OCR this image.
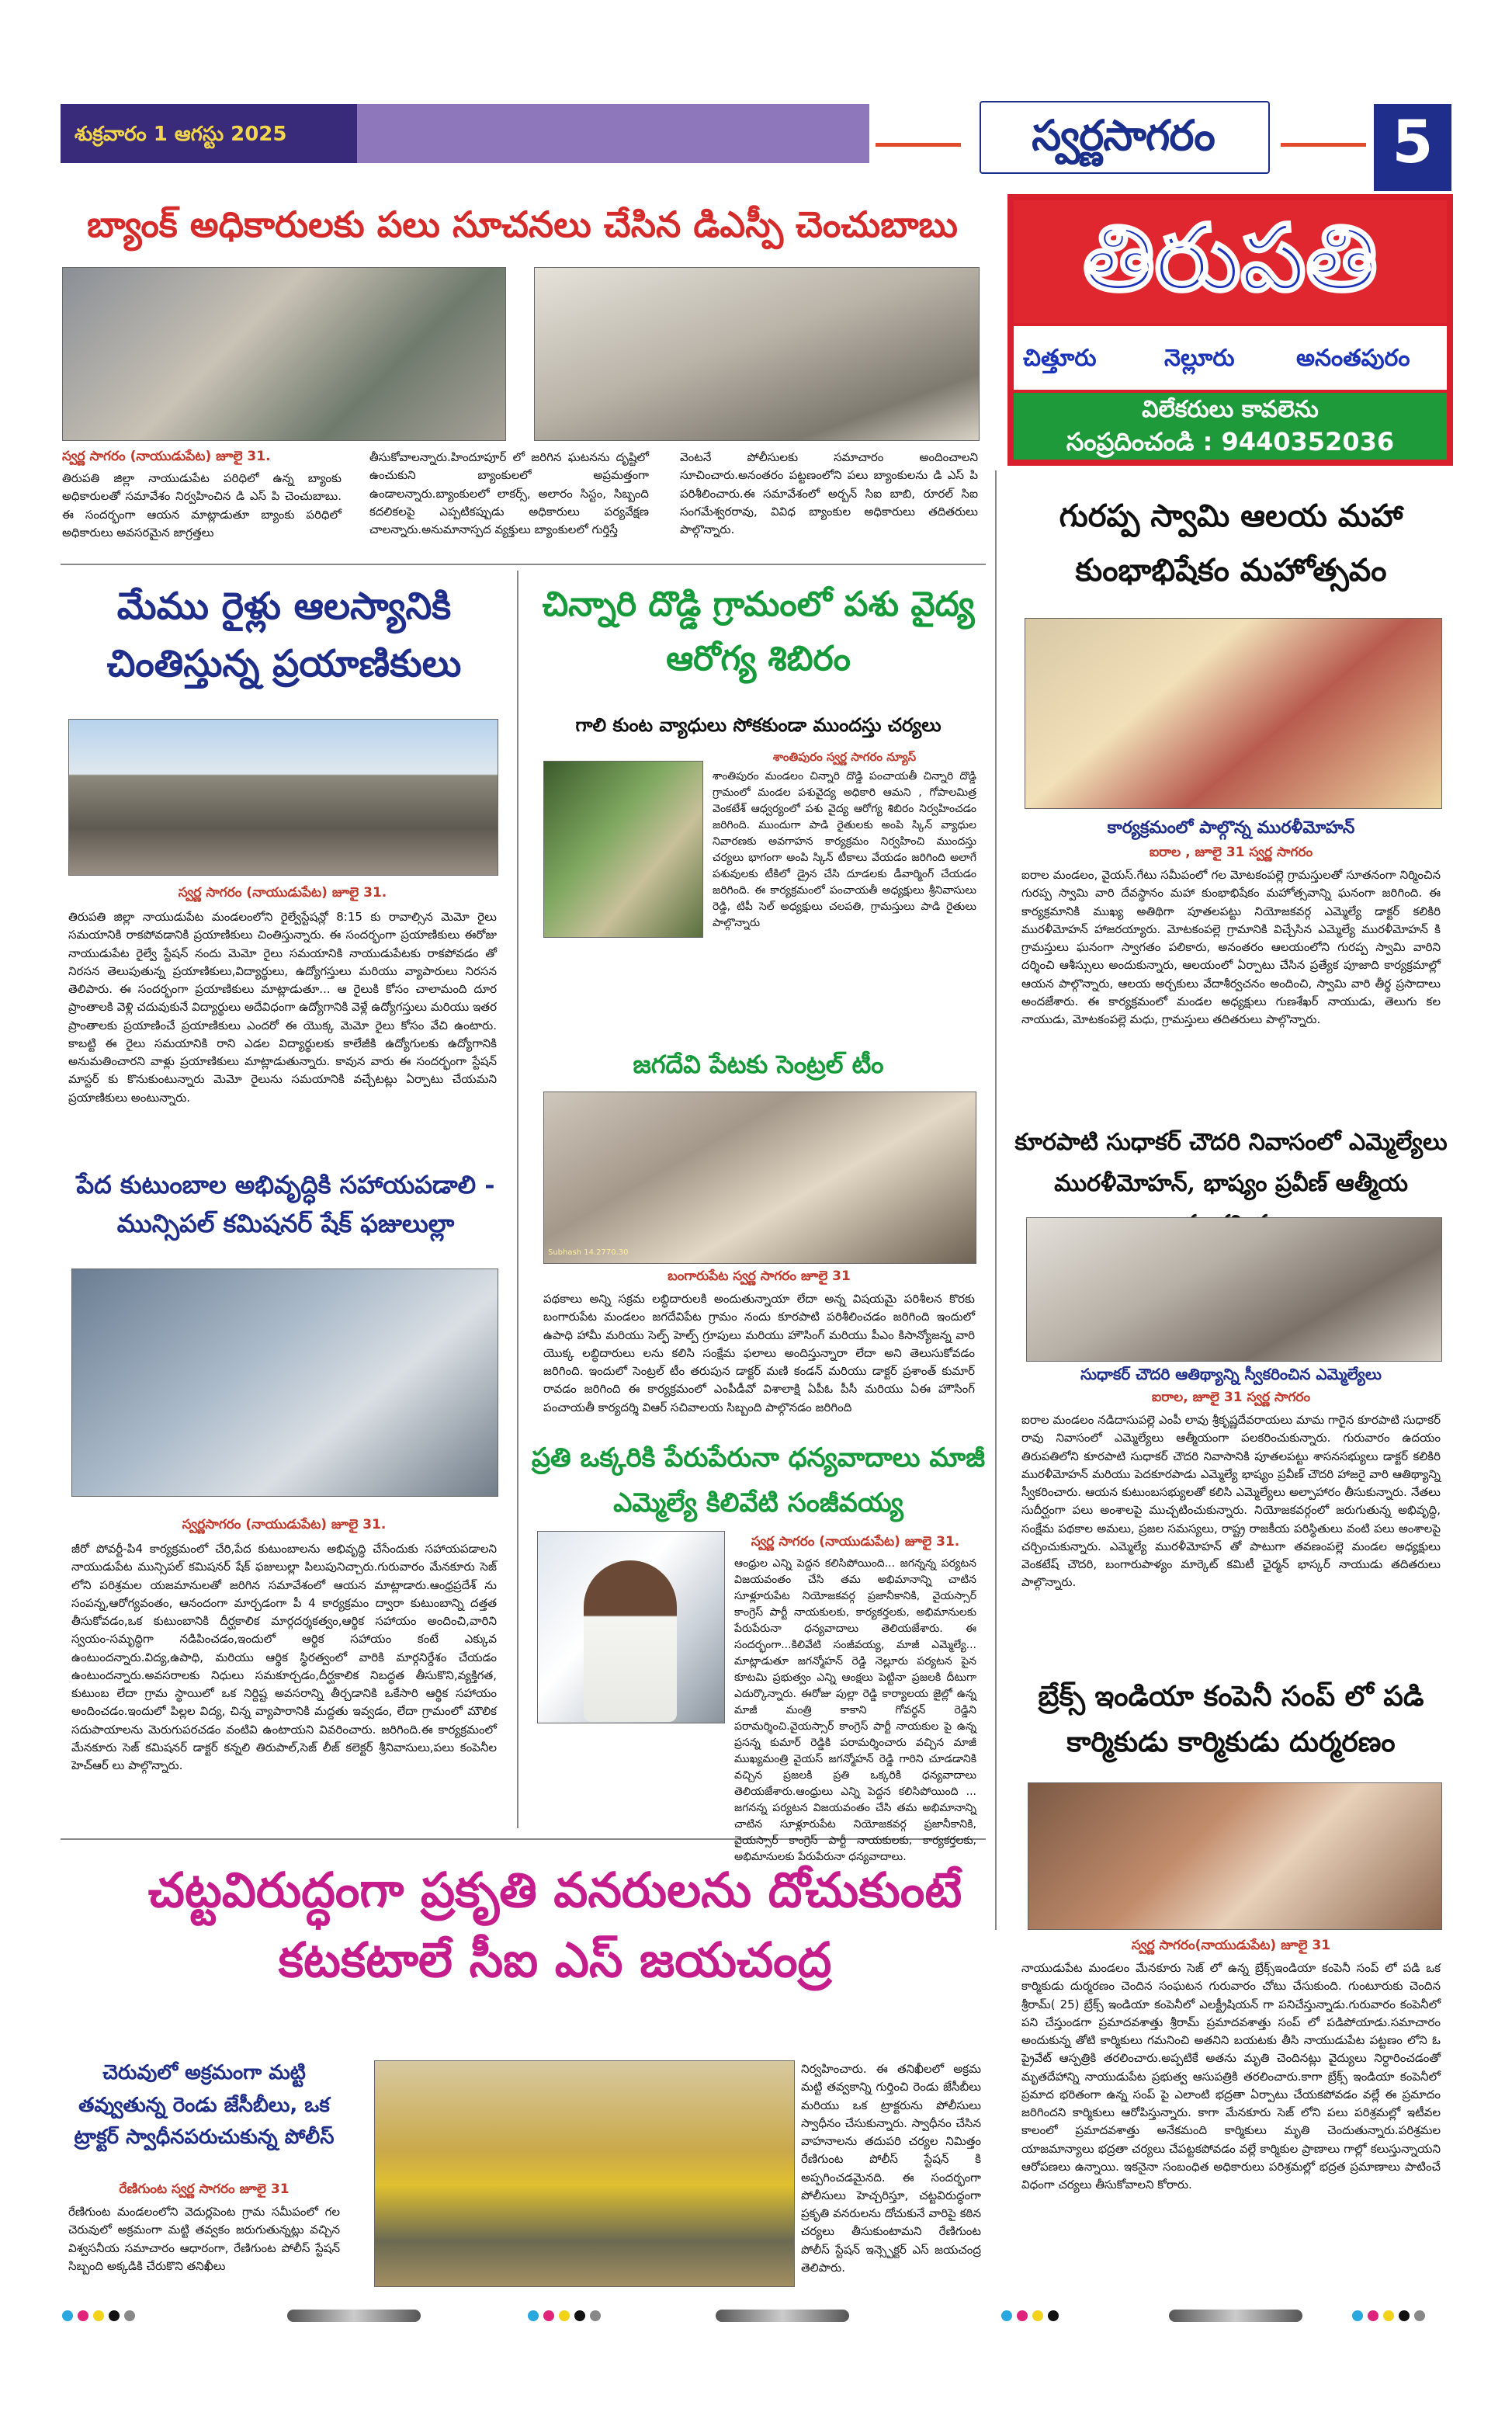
శుక్రవారం 1 ఆగస్టు 2025	స్వర్ణసాగరం	5
బ్యాంక్ అధికారులకు పలు సూచనలు చేసిన డిఎస్పీ చెంచుబాబు
స్వర్ణ సాగరం (నాయుడుపేట) జూలై 31.
తిరుపతి జిల్లా నాయుడుపేట పరిధిలో ఉన్న బ్యాంకు అధికారులతో సమావేశం నిర్వహించిన డి ఎస్ పి చెంచుబాబు. ఈ సందర్భంగా ఆయన మాట్లాడుతూ బ్యాంకు పరిధిలో అధికారులు అవసరమైన జాగ్రత్తలు
తీసుకోవాలన్నారు.హిందూపూర్ లో జరిగిన ఘటనను దృష్టిలో ఉంచుకుని బ్యాంకులలో అప్రమత్తంగా ఉండాలన్నారు.బ్యాంకులలో లాకర్స్, అలారం సిస్టం, సిబ్బంది కదలికలపై ఎప్పటికప్పుడు అధికారులు పర్యవేక్షణ చాలన్నారు.అనుమానాస్పద వ్యక్తులు బ్యాంకులలో గుర్తిస్తే
వెంటనే పోలీసులకు సమాచారం అందించాలని సూచించారు.అనంతరం పట్టణంలోని పలు బ్యాంకులను డి ఎస్ పి పరిశీలించారు.ఈ సమావేశంలో అర్బన్ సిఐ బాబి, రూరల్ సిఐ సంగమేశ్వరరావు, వివిధ బ్యాంకుల అధికారులు తదితరులు పాల్గొన్నారు.
తిరుపతి
చిత్తూరు	నెల్లూరు	అనంతపురం
విలేకరులు కావలెను
సంప్రదించండి : 9440352036
మేము రైళ్లు ఆలస్యానికి చింతిస్తున్న ప్రయాణికులు
స్వర్ణ సాగరం (నాయుడుపేట) జూలై 31.
తిరుపతి జిల్లా నాయుడుపేట మండలంలోని రైల్వేస్టేషన్లో 8:15 కు రావాల్సిన మెమో రైలు సమయానికి రాకపోవడానికి ప్రయాణికులు చింతిస్తున్నారు. ఈ సందర్భంగా ప్రయాణికులు ఈరోజు నాయుడుపేట రైల్వే స్టేషన్ నందు మెమో రైలు సమయానికి నాయుడుపేటకు రాకపోవడం తో నిరసన తెలుపుతున్న ప్రయాణికులు,విద్యార్థులు, ఉద్యోగస్తులు మరియు వ్యాపారులు నిరసన తెలిపారు. ఈ సందర్భంగా ప్రయాణికులు మాట్లాడుతూ... ఆ రైలుకి కోసం చాలామంది దూర ప్రాంతాలకి వెళ్లి చదువుకునే విద్యార్థులు అదేవిధంగా ఉద్యోగానికి వెళ్లే ఉద్యోగస్తులు మరియు ఇతర ప్రాంతాలకు ప్రయాణించే ప్రయాణికులు ఎందరో ఈ యొక్క మెమో రైలు కోసం వేచి ఉంటారు. కాబట్టి ఈ రైలు సమయానికి రాని ఎడల విద్యార్థులకు కాలేజీకి ఉద్యోగులకు ఉద్యోగానికి అనుమతించారని వాళ్లు ప్రయాణికులు మాట్లాడుతున్నారు. కావున వారు ఈ సందర్భంగా స్టేషన్ మాస్టర్ కు కొనుకుంటున్నారు మెమో రైలును సమయానికి వచ్చేటట్లు ఏర్పాటు చేయమని ప్రయాణికులు అంటున్నారు.
పేద కుటుంబాల అభివృద్ధికి సహాయపడాలి - మున్సిపల్ కమిషనర్ షేక్ ఫజులుల్లా
స్వర్ణసాగరం (నాయుడుపేట) జూలై 31.
జీరో పోవర్టీ-పి4 కార్యక్రమంలో చేరి,పేద కుటుంబాలను అభివృద్ధి చేసేందుకు సహాయపడాలని నాయుడుపేట మున్సిపల్ కమిషనర్ షేక్ ఫజులుల్లా పిలుపునిచ్చారు.గురువారం మేనకూరు సెజ్ లోని పరిశ్రమల యజమానులతో జరిగిన సమావేశంలో ఆయన మాట్లాడారు.ఆంధ్రప్రదేశ్ ను సంపన్న,ఆరోగ్యవంతం, ఆనందంగా మార్చడంగా పీ 4 కార్యక్రమం ద్వారా కుటుంబాన్ని దత్తత తీసుకోవడం,ఒక కుటుంబానికి దీర్ఘకాలిక మార్గదర్శకత్వం,ఆర్థిక సహాయం అందించి,వారిని స్వయం-సమృద్ధిగా నడిపించడం,ఇందులో ఆర్థిక సహాయం కంటే ఎక్కువ ఉంటుందన్నారు.విద్య,ఉపాధి, మరియు ఆర్థిక స్థిరత్వంలో వారికి మార్గనిర్దేశం చేయడం ఉంటుందన్నారు.అవసరాలకు నిధులు సమకూర్చడం,దీర్ఘకాలిక నిబద్ధత తీసుకొని,వ్యక్తిగత, కుటుంబ లేదా గ్రామ స్థాయిలో ఒక నిర్దిష్ట అవసరాన్ని తీర్చడానికి ఒకేసారి ఆర్థిక సహాయం అందించడం.ఇందులో పిల్లల విద్య, చిన్న వ్యాపారానికి మద్దతు ఇవ్వడం, లేదా గ్రామంలో మౌలిక సదుపాయాలను మెరుగుపరచడం వంటివి ఉంటాయని వివరించారు. జరిగింది.ఈ కార్యక్రమంలో మేనకూరు సెజ్ కమిషనర్ డాక్టర్ కన్నలి తిరుపాల్,సెజ్ లీజ్ కలెక్టర్ శ్రీనివాసులు,పలు కంపెనీల హెచ్ఆర్ లు పాల్గొన్నారు.
చిన్నారి దొడ్డి గ్రామంలో పశు వైద్య ఆరోగ్య శిబిరం
గాలి కుంట వ్యాధులు సోకకుండా ముందస్తు చర్యలు
శాంతిపురం స్వర్ణ సాగరం న్యూస్
శాంతిపురం మండలం చిన్నారి దొడ్డి పంచాయతీ చిన్నారి దొడ్డి గ్రామంలో మండల పశువైద్య అధికారి ఆమని , గోపాలమిత్ర వెంకటేశ్ ఆధ్వర్యంలో పశు వైద్య ఆరోగ్య శిబిరం నిర్వహించడం జరిగింది. ముందుగా పాడి రైతులకు అంపి స్కిన్ వ్యాధుల నివారణకు అవగాహన కార్యక్రమం నిర్వహించి ముందస్తు చర్యలు భాగంగా అంపి స్కిన్ టీకాలు వేయడం జరిగింది అలాగే పశువులకు టీకిలో డ్రైన చేసి దూడలకు డీవార్మింగ్ చేయడం జరిగింది. ఈ కార్యక్రమంలో పంచాయతీ అధ్యక్షులు శ్రీనివాసులు రెడ్డి, టిపీ సెల్ అధ్యక్షులు చలపతి, గ్రామస్తులు పాడి రైతులు పాల్గొన్నారు
జగదేవి పేటకు సెంట్రల్ టీం
Subhash 14.2770.30
బంగారుపేట స్వర్ణ సాగరం జూలై 31
పథకాలు అన్ని సక్రమ లబ్ధిదారులకి అందుతున్నాయా లేదా అన్న విషయమై పరిశీలన కొరకు బంగారుపేట మండలం జగదేవిపేట గ్రామం నందు కూరపాటి పరిశీలించడం జరిగింది ఇందులో ఉపాధి హామీ మరియు సెల్ఫ్ హెల్ప్ గ్రూపులు మరియు హౌసింగ్ మరియు పీఎం కిసాన్యోజన్న వారి యొక్క లబ్ధిదారులు లను కలిసి సంక్షేమ ఫలాలు అందిస్తున్నారా లేదా అని తెలుసుకోవడం జరిగింది. ఇందులో సెంట్రల్ టీం తరుపున డాక్టర్ మణి కండన్ మరియు డాక్టర్ ప్రశాంత్ కుమార్ రావడం జరిగింది ఈ కార్యక్రమంలో ఎంపీడీవో విశాలాక్షి ఏపీఓ పీసీ మరియు ఏఈ హౌసింగ్ పంచాయతీ కార్యదర్శి విఆర్ సచివాలయ సిబ్బంది పాల్గొనడం జరిగింది
ప్రతి ఒక్కరికి పేరుపేరునా ధన్యవాదాలు మాజీ ఎమ్మెల్యే కిలివేటి సంజీవయ్య
స్వర్ణ సాగరం (నాయుడుపేట) జూలై 31.
ఆంధ్రుల ఎన్ని పెద్దన కలిసిపోయింది... జగన్నన్న పర్యటన విజయవంతం చేసి తమ అభిమానాన్ని చాటిన సూళ్లూరుపేట నియోజకవర్గ ప్రజానీకానికి, వైయస్సార్ కాంగ్రెస్ పార్టీ నాయకులకు, కార్యకర్తలకు, అభిమానులకు పేరుపేరునా ధన్యవాదాలు తెలియజేశారు. ఈ సందర్భంగా...కిలివేటి సంజీవయ్య, మాజీ ఎమ్మెల్యే... మాట్లాడుతూ జగన్మోహన్ రెడ్డి నెల్లూరు పర్యటన పైన కూటమి ప్రభుత్వం ఎన్ని ఆంక్షలు పెట్టినా ప్రజలకి దీటుగా ఎదుర్కొన్నారు. ఈరోజు పుల్లా రెడ్డి కార్యాలయ జైల్లో ఉన్న మాజీ మంత్రి కాకాని గోవర్ధన్ రెడ్డిని పరామర్శించి.వైయస్సార్ కాంగ్రెస్ పార్టీ నాయకుల పై ఉన్న ప్రసన్న కుమార్ రెడ్డికి పరామర్శించారు వచ్చిన మాజీ ముఖ్యమంత్రి వైయస్ జగన్మోహన్ రెడ్డి గారిని చూడడానికి వచ్చిన ప్రజలకి ప్రతి ఒక్కరికి ధన్యవాదాలు తెలియజేశారు.ఆంధ్రులు ఎన్ని పెద్దన కలిసిపోయింది ... జగనన్న పర్యటన విజయవంతం చేసి తమ అభిమానాన్ని చాటిన సూళ్లూరుపేట నియోజకవర్గ ప్రజానీకానికి, వైయస్సార్ కాంగ్రెస్ పార్టీ నాయకులకు, కార్యకర్తలకు, అభిమానులకు పేరుపేరునా ధన్యవాదాలు.
చట్టవిరుద్ధంగా ప్రకృతి వనరులను దోచుకుంటే కటకటాలే సీఐ ఎస్ జయచంద్ర
చెరువులో అక్రమంగా మట్టి తవ్వుతున్న రెండు జేసీబీలు, ఒక ట్రాక్టర్ స్వాధీనపరుచుకున్న పోలీస్
రేణిగుంట స్వర్ణ సాగరం జూలై 31
రేణిగుంట మండలంలోని వెదుర్లపెంట గ్రామ సమీపంలో గల చెరువులో అక్రమంగా మట్టి తవ్వకం జరుగుతున్నట్లు వచ్చిన విశ్వసనీయ సమాచారం ఆధారంగా, రేణిగుంట పోలీస్ స్టేషన్ సిబ్బంది అక్కడికి చేరుకొని తనిఖీలు
నిర్వహించారు. ఈ తనిఖీలలో అక్రమ మట్టి తవ్వకాన్ని గుర్తించి రెండు జేసీబీలు మరియు ఒక ట్రాక్టరును పోలీసులు స్వాధీనం చేసుకున్నారు. స్వాధీనం చేసిన వాహనాలను తదుపరి చర్యల నిమిత్తం రేణిగుంట పోలీస్ స్టేషన్ కి అప్పగించడమైనది. ఈ సందర్భంగా పోలీసులు హెచ్చరిస్తూ, చట్టవిరుద్ధంగా ప్రకృతి వనరులను దోచుకునే వారిపై కఠిన చర్యలు తీసుకుంటామని రేణిగుంట పోలీస్ స్టేషన్ ఇన్స్పెక్టర్ ఎస్ జయచంద్ర తెలిపారు.
గురప్ప స్వామి ఆలయ మహా కుంభాభిషేకం మహోత్సవం
కార్యక్రమంలో పాల్గొన్న మురళీమోహన్
ఐరాల , జూలై 31 స్వర్ణ సాగరం
ఐరాల మండలం, వైయస్.గేటు సమీపంలో గల మోటకంపల్లె గ్రామస్తులతో సూతనంగా నిర్మించిన గురప్ప స్వామి వారి దేవస్థానం మహా కుంభాభిషేకం మహోత్సవాన్ని ఘనంగా జరిగింది. ఈ కార్యక్రమానికి ముఖ్య అతిథిగా పూతలపట్టు నియోజకవర్గ ఎమ్మెల్యే డాక్టర్ కలికిరి మురళీమోహన్ హాజరయ్యారు. మోటకంపల్లె గ్రామానికి విచ్చేసిన ఎమ్మెల్యే మురళీమోహన్ కి గ్రామస్తులు ఘనంగా స్వాగతం పలికారు, అనంతరం ఆలయంలోని గురప్ప స్వామి వారిని దర్శించి ఆశీస్సులు అందుకున్నారు, ఆలయంలో ఏర్పాటు చేసిన ప్రత్యేక పూజాది కార్యక్రమాల్లో ఆయన పాల్గొన్నారు, ఆలయ అర్చకులు వేదాశీర్వచనం అందించి, స్వామి వారి తీర్థ ప్రసాదాలు అందజేశారు. ఈ కార్యక్రమంలో మండల అధ్యక్షులు గుణశేఖర్ నాయుడు, తెలుగు కల నాయుడు, మోటకంపల్లె మధు, గ్రామస్తులు తదితరులు పాల్గొన్నారు.
కూరపాటి సుధాకర్ చౌదరి నివాసంలో ఎమ్మెల్యేలు మురళీమోహన్, భాష్యం ప్రవీణ్ ఆత్మీయ
సుధాకర్ చౌదరి ఆతిథ్యాన్ని స్వీకరించిన ఎమ్మెల్యేలు
ఐరాల, జూలై 31 స్వర్ణ సాగరం
ఐరాల మండలం నడిదాసుపల్లె ఎంపీ లావు శ్రీకృష్ణదేవరాయలు మామ గారైన కూరపాటి సుధాకర్ రావు నివాసంలో ఎమ్మెల్యేలు ఆత్మీయంగా పలకరించుకున్నారు. గురువారం ఉదయం తిరుపతిలోని కూరపాటి సుధాకర్ చౌదరి నివాసానికి పూతలపట్టు శాసనసభ్యులు డాక్టర్ కలికిరి మురళీమోహన్ మరియు పెదకూరపాడు ఎమ్మెల్యే భాష్యం ప్రవీణ్ చౌదరి హాజరై వారి ఆతిథ్యాన్ని స్వీకరించారు. ఆయన కుటుంబసభ్యులతో కలిసి ఎమ్మెల్యేలు అల్పాహారం తీసుకున్నారు. నేతలు సుదీర్ఘంగా పలు అంశాలపై ముచ్చటించుకున్నారు. నియోజకవర్గంలో జరుగుతున్న అభివృద్ధి, సంక్షేమ పథకాల అమలు, ప్రజల సమస్యలు, రాష్ట్ర రాజకీయ పరిస్థితులు వంటి పలు అంశాలపై చర్చించుకున్నారు. ఎమ్మెల్యే మురళీమోహన్ తో పాటుగా తవణంపల్లె మండల అధ్యక్షులు వెంకటేష్ చౌదరి, బంగారుపాళ్యం మార్కెట్ కమిటీ ఛైర్మన్ భాస్కర్ నాయుడు తదితరులు పాల్గొన్నారు.
బ్రేక్స్ ఇండియా కంపెనీ సంప్ లో పడి కార్మికుడు కార్మికుడు దుర్మరణం
స్వర్ణ సాగరం(నాయుడుపేట) జూలై 31
నాయుడుపేట మండలం మేనకూరు సెజ్ లో ఉన్న బ్రేక్స్ఇండియా కంపెనీ సంప్ లో పడి ఒక కార్మికుడు దుర్మరణం చెందిన సంఘటన గురువారం చోటు చేసుకుంది. గుంటూరుకు చెందిన శ్రీరామ్( 25) బ్రేక్స్ ఇండియా కంపెనీలో ఎలక్ట్రీషియన్ గా పనిచేస్తున్నాడు.గురువారం కంపెనీలో పని చేస్తుండగా ప్రమాదవశాత్తు శ్రీరామ్ ప్రమాదవశాత్తు సంప్ లో పడిపోయాడు.సమాచారం అందుకున్న తోటి కార్మికులు గమనించి అతనిని బయటకు తీసి నాయుడుపేట పట్టణం లోని ఓ ప్రైవేట్ ఆస్పత్రికి తరలించారు.అప్పటికే అతను మృతి చెందినట్లు వైద్యులు నిర్ధారించడంతో మృతదేహాన్ని నాయుడుపేట ప్రభుత్వ ఆసుపత్రికి తరలించారు.కాగా బ్రేక్స్ ఇండియా కంపెనీలో ప్రమాద భరితంగా ఉన్న సంప్ పై ఎలాంటి భద్రతా ఏర్పాటు చేయకపోవడం వల్లే ఈ ప్రమాదం జరిగిందని కార్మికులు ఆరోపిస్తున్నారు. కాగా మేనకూరు సెజ్ లోని పలు పరిశ్రమల్లో ఇటీవల కాలంలో ప్రమాదవశాత్తు అనేకమంది కార్మికులు మృతి చెందుతున్నారు.పరిశ్రమల యాజమాన్యాలు భద్రతా చర్యలు చేపట్టకపోవడం వల్లే కార్మికుల ప్రాణాలు గాల్లో కలుస్తున్నాయని ఆరోపణలు ఉన్నాయి. ఇకనైనా సంబంధిత అధికారులు పరిశ్రమల్లో భద్రత ప్రమాణాలు పాటించే విధంగా చర్యలు తీసుకోవాలని కోరారు.
